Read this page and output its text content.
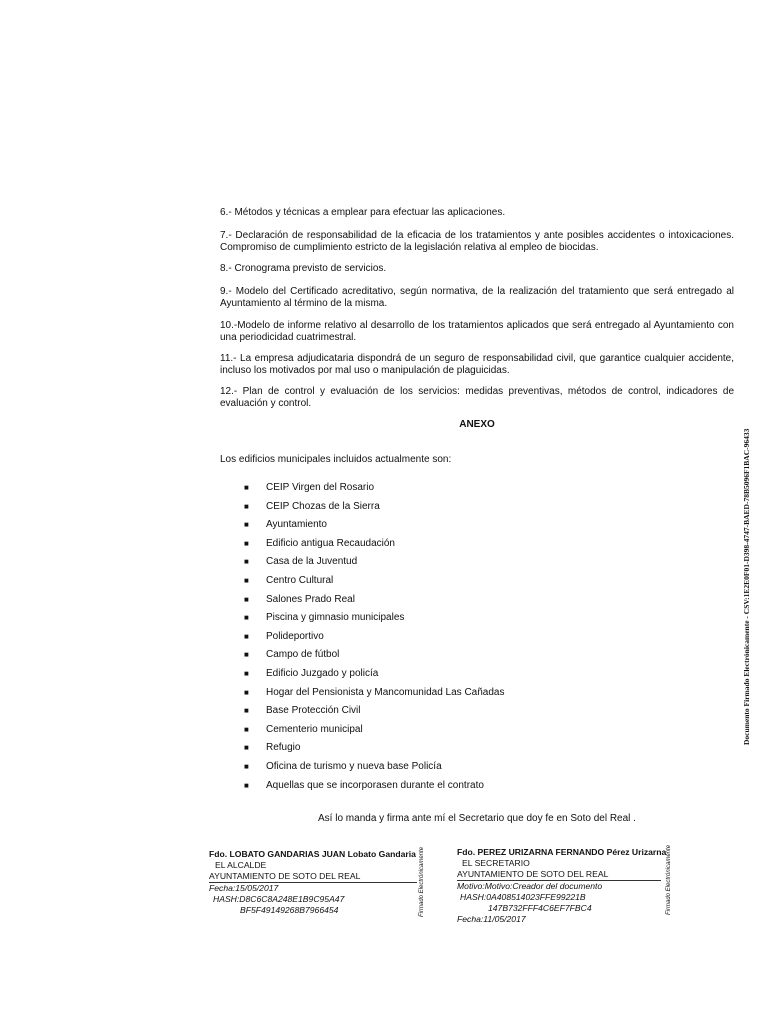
6.- Métodos y técnicas a emplear para efectuar las aplicaciones.

7.- Declaración de responsabilidad de la eficacia de los tratamientos y ante posibles accidentes o intoxicaciones. Compromiso de cumplimiento estricto de la legislación relativa al empleo de biocidas.

8.- Cronograma previsto de servicios.

9.- Modelo del Certificado acreditativo, según normativa, de la realización del tratamiento que será entregado al Ayuntamiento al término de la misma.

10.-Modelo de informe relativo al desarrollo de los tratamientos aplicados que será entregado al Ayuntamiento con una periodicidad cuatrimestral.

11.- La empresa adjudicataria dispondrá de un seguro de responsabilidad civil, que garantice cualquier accidente, incluso los motivados por mal uso o manipulación de plaguicidas.

12.- Plan de control y evaluación de los servicios: medidas preventivas, métodos de control, indicadores de evaluación y control.

ANEXO

Los edificios municipales incluidos actualmente son:

■ CEIP Virgen del Rosario
■ CEIP Chozas de la Sierra
■ Ayuntamiento
■ Edificio antigua Recaudación
■ Casa de la Juventud
■ Centro Cultural
■ Salones Prado Real
■ Piscina y gimnasio municipales
■ Polideportivo
■ Campo de fútbol
■ Edificio Juzgado y policía
■ Hogar del Pensionista y Mancomunidad Las Cañadas
■ Base Protección Civil
■ Cementerio municipal
■ Refugio
■ Oficina de turismo y nueva base Policía
■ Aquellas que se incorporasen durante el contrato

Así lo manda y firma ante mí el Secretario que doy fe en Soto del Real .

Fdo. LOBATO GANDARIAS JUAN Lobato Gandaria
EL ALCALDE
AYUNTAMIENTO DE SOTO DEL REAL
Fecha:15/05/2017
HASH:D8C6C8A248E1B9C95A47
BF5F49149268B7966454	Firmado Electrónicamente	Fdo. PEREZ URIZARNA FERNANDO Pérez Urizarna
EL SECRETARIO
AYUNTAMIENTO DE SOTO DEL REAL
Motivo:Motivo:Creador del documento
HASH:0A408514023FFE99221B
147B732FFF4C6EF7FBC4
Fecha:11/05/2017
Firmado Electrónicamente
Documento Firmado Electrónicamente - CSV:1E2E0F01-D398-4747-BAED-78B5096F1BAC-96433
